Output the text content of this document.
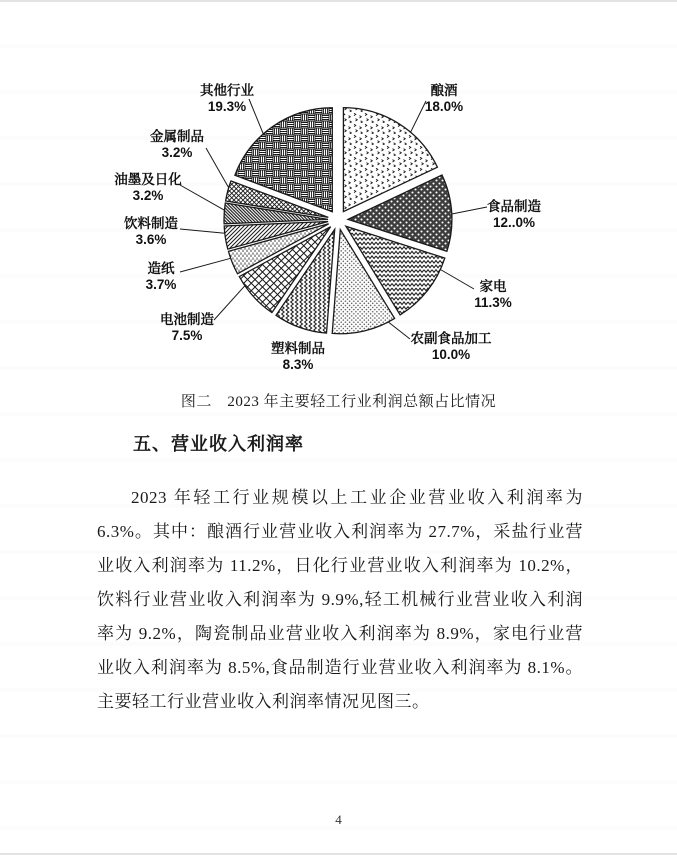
酿酒
18.0%
食品制造
12..0%
家电
11.3%
农副食品加工
10.0%
塑料制品
8.3%
电池制造
7.5%
造纸
3.7%
饮料制造
3.6%
油墨及日化
3.2%
金属制品
3.2%
其他行业
19.3%
图二　2023 年主要轻工行业利润总额占比情况
五、营业收入利润率
2023 年轻工行业规模以上工业企业营业收入利润率为
6.3%。其中：酿酒行业营业收入利润率为 27.7%，采盐行业营
业收入利润率为 11.2%，日化行业营业收入利润率为 10.2%，
饮料行业营业收入利润率为 9.9%,轻工机械行业营业收入利润
率为 9.2%，陶瓷制品业营业收入利润率为 8.9%，家电行业营
业收入利润率为 8.5%,食品制造行业营业收入利润率为 8.1%。
主要轻工行业营业收入利润率情况见图三。
4
